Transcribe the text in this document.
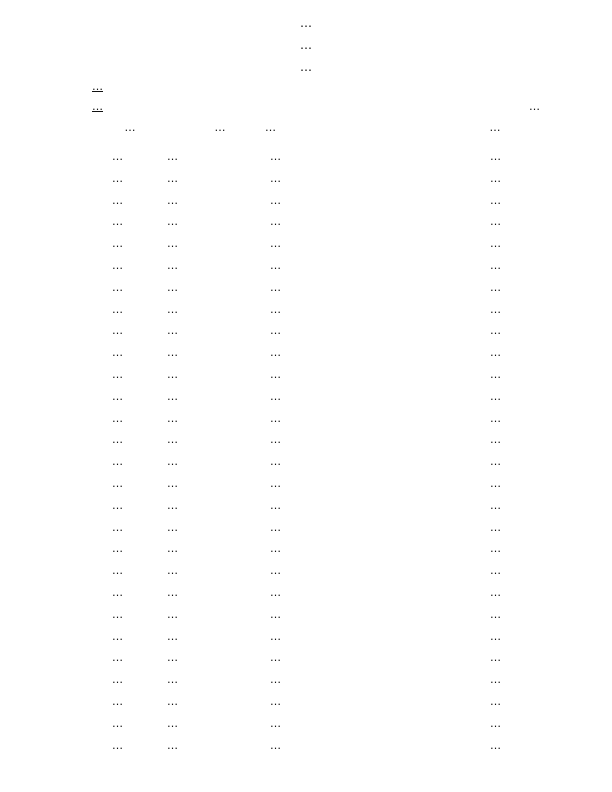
…
…
…
…
…	…
…	…	…	…
…	…	…	…
…	…	…	…
…	…	…	…
…	…	…	…
…	…	…	…
…	…	…	…
…	…	…	…
…	…	…	…
…	…	…	…
…	…	…	…
…	…	…	…
…	…	…	…
…	…	…	…
…	…	…	…
…	…	…	…
…	…	…	…
…	…	…	…
…	…	…	…
…	…	…	…
…	…	…	…
…	…	…	…
…	…	…	…
…	…	…	…
…	…	…	…
…	…	…	…
…	…	…	…
…	…	…	…
…	…	…	…
